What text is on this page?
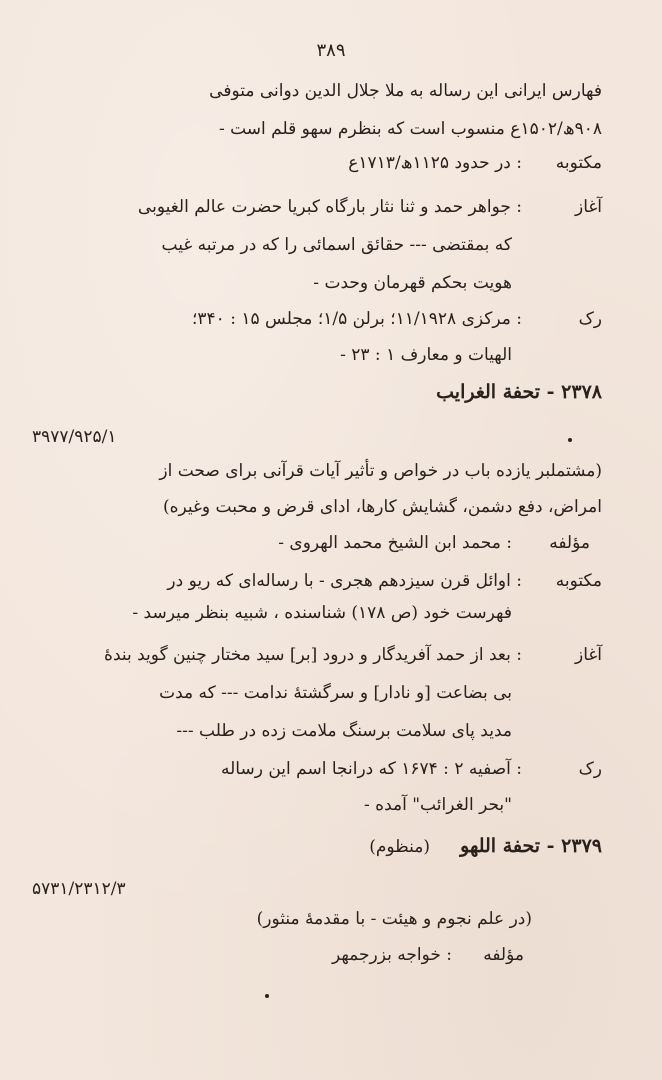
۳۸۹
فهارس ایرانی این رساله به ملا جلال الدین دوانی متوفی
۹۰۸ھ/۱۵۰۲ع منسوب است که بنظرم سهو قلم است -
مکتوبه
: در حدود ۱۱۲۵ھ/۱۷۱۳ع
آغاز
: جواهر حمد و ثنا نثار بارگاه کبریا حضرت عالم الغیوبی
که بمقتضی --- حقائق اسمائی را که در مرتبه غیب
هویت بحکم قهرمان وحدت -
رک
: مرکزی ۱۱/۱۹۲۸؛ برلن ۱/۵؛ مجلس ۱۵ : ۳۴۰؛
الهیات و معارف ۱ : ۲۳ -
۲۳۷۸ - تحفة الغرایب
۳۹۷۷/۹۲۵/۱
(مشتملبر یازده باب در خواص و تأثیر آیات قرآنی برای صحت از
امراض، دفع دشمن، گشایش کارها، ادای قرض و محبت وغیره)
مؤلفه
: محمد ابن الشیخ محمد الهروی -
مکتوبه
: اوائل قرن سیزدهم هجری - با رساله‌ای که ریو در
فهرست خود (ص ۱۷۸) شناسنده ، شبیه بنظر میرسد -
آغاز
: بعد از حمد آفریدگار و درود [بر] سید مختار چنین گوید بندهٔ
بی بضاعت [و نادار] و سرگشتهٔ ندامت --- که مدت
مدید پای سلامت برسنگ ملامت زده در طلب ---
رک
: آصفیه ۲ : ۱۶۷۴ که درانجا اسم این رساله
"بحر الغرائب" آمده -
۲۳۷۹ - تحفة اللهو
(منظوم)
۵۷۳۱/۲۳۱۲/۳
(در علم نجوم و هیئت - با مقدمهٔ منثور)
مؤلفه
: خواجه بزرجمهر
